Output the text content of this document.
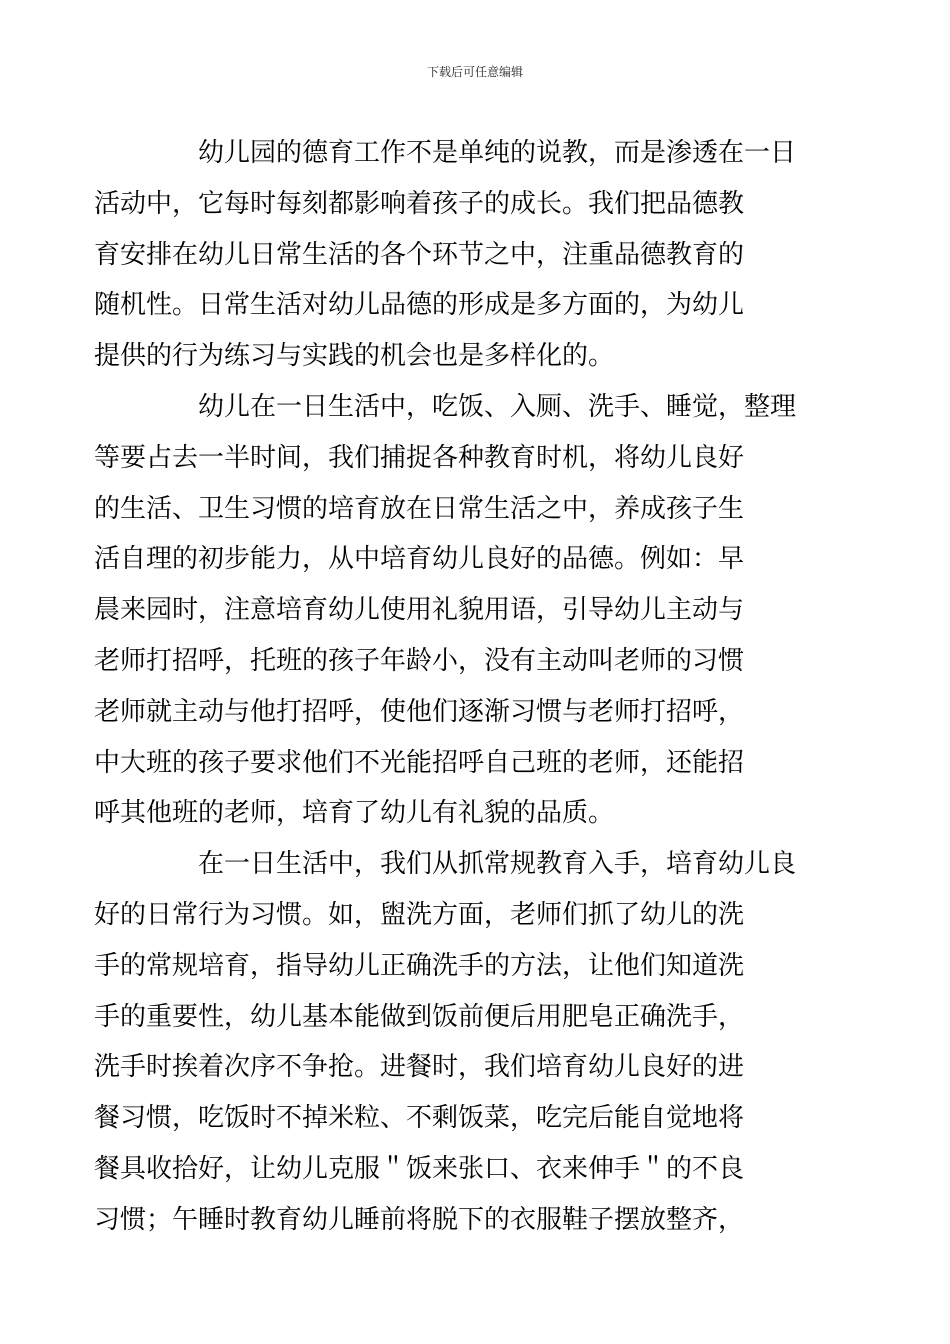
下载后可任意编辑

幼儿园的德育工作不是单纯的说教，而是渗透在一日
活动中，它每时每刻都影响着孩子的成长。我们把品德教
育安排在幼儿日常生活的各个环节之中，注重品德教育的
随机性。日常生活对幼儿品德的形成是多方面的，为幼儿
提供的行为练习与实践的机会也是多样化的。

幼儿在一日生活中，吃饭、入厕、洗手、睡觉，整理
等要占去一半时间，我们捕捉各种教育时机，将幼儿良好
的生活、卫生习惯的培育放在日常生活之中，养成孩子生
活自理的初步能力，从中培育幼儿良好的品德。例如：早
晨来园时，注意培育幼儿使用礼貌用语，引导幼儿主动与
老师打招呼，托班的孩子年龄小，没有主动叫老师的习惯
老师就主动与他打招呼，使他们逐渐习惯与老师打招呼，
中大班的孩子要求他们不光能招呼自己班的老师，还能招
呼其他班的老师，培育了幼儿有礼貌的品质。

在一日生活中，我们从抓常规教育入手，培育幼儿良
好的日常行为习惯。如，盥洗方面，老师们抓了幼儿的洗
手的常规培育，指导幼儿正确洗手的方法，让他们知道洗
手的重要性，幼儿基本能做到饭前便后用肥皂正确洗手，
洗手时挨着次序不争抢。进餐时，我们培育幼儿良好的进
餐习惯，吃饭时不掉米粒、不剩饭菜，吃完后能自觉地将
餐具收拾好，让幼儿克服＂饭来张口、衣来伸手＂的不良
习惯；午睡时教育幼儿睡前将脱下的衣服鞋子摆放整齐，
